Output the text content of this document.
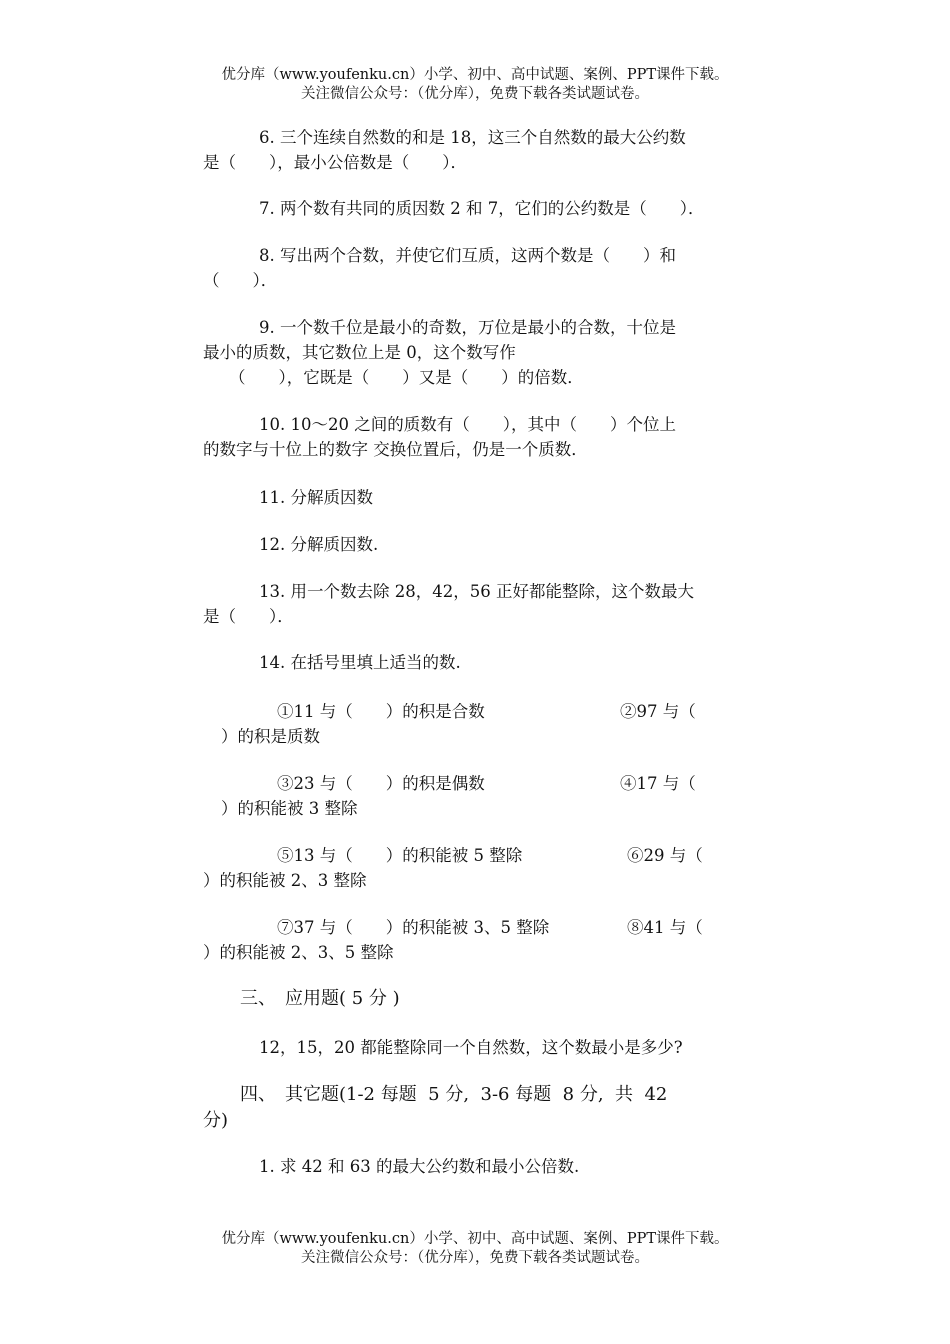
优分库（www.youfenku.cn）小学、初中、高中试题、案例、PPT课件下载。
关注微信公众号：（优分库），免费下载各类试题试卷。
6. 三个连续自然数的和是 18，这三个自然数的最大公约数
是（　　），最小公倍数是（　　）．
7. 两个数有共同的质因数 2 和 7，它们的公约数是（　　）．
8. 写出两个合数，并使它们互质，这两个数是（　　）和
（　　）．
9. 一个数千位是最小的奇数，万位是最小的合数，十位是
最小的质数，其它数位上是 0，这个数写作
（　　），它既是（　　）又是（　　）的倍数．
10. 10～20 之间的质数有（　　），其中（　　）个位上
的数字与十位上的数字 交换位置后，仍是一个质数．
11. 分解质因数
12. 分解质因数.
13. 用一个数去除 28，42，56 正好都能整除，这个数最大
是（　　）．
14. 在括号里填上适当的数.
①11 与（　　）的积是合数	②97 与（
）的积是质数
③23 与（　　）的积是偶数	④17 与（
）的积能被 3 整除
⑤13 与（　　）的积能被 5 整除	⑥29 与（
）的积能被 2、3 整除
⑦37 与（　　）的积能被 3、5 整除	⑧41 与（
）的积能被 2、3、5 整除
三、　应用题( 5 分 )
12，15，20 都能整除同一个自然数，这个数最小是多少?
四、　其它题(1-2 每题  5 分,  3-6 每题  8 分,  共  42
分)
1. 求 42 和 63 的最大公约数和最小公倍数.
优分库（www.youfenku.cn）小学、初中、高中试题、案例、PPT课件下载。
关注微信公众号：（优分库），免费下载各类试题试卷。
